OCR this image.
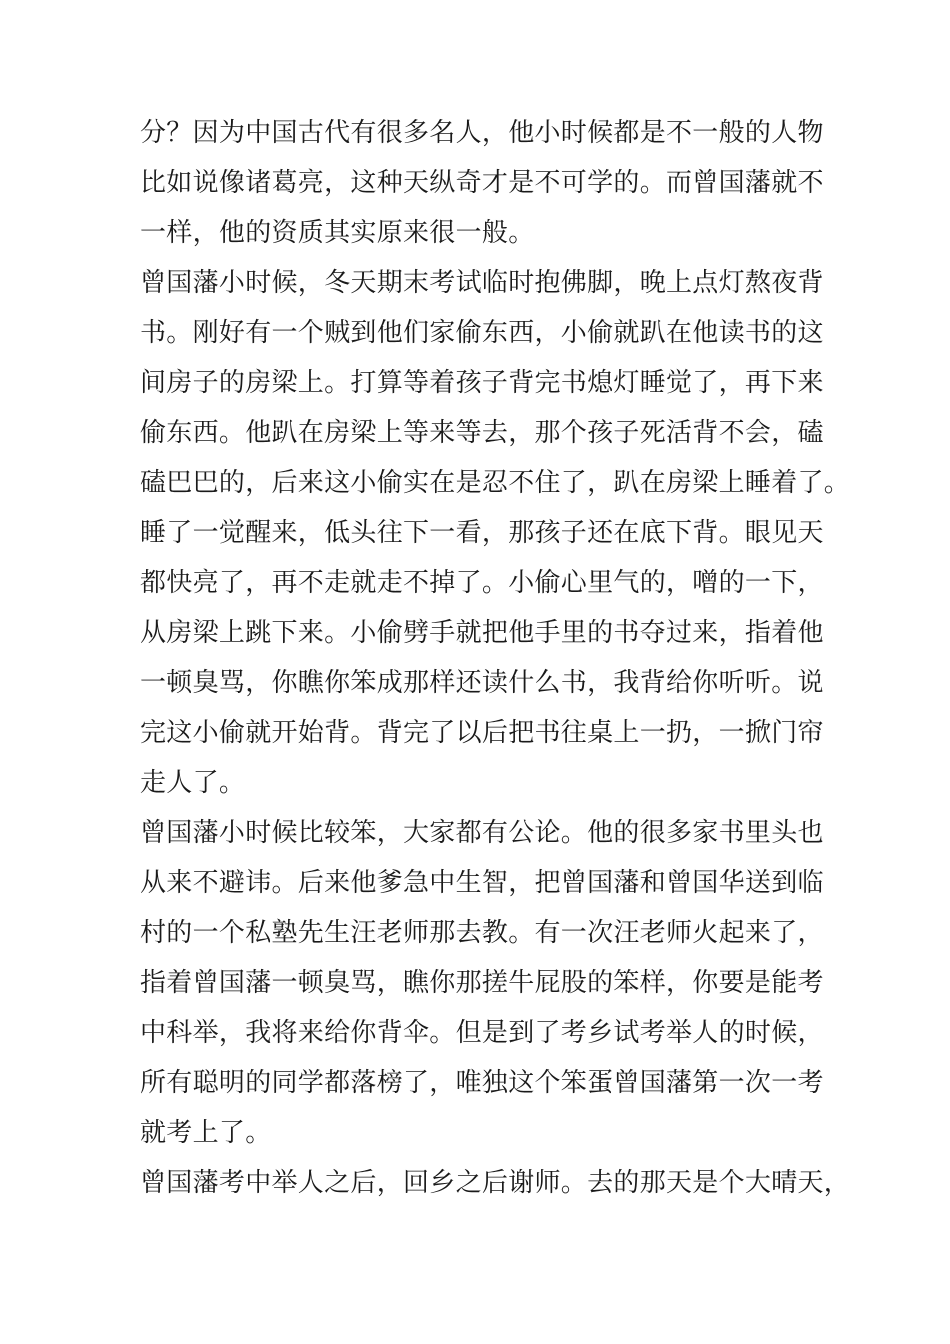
分？因为中国古代有很多名人，他小时候都是不一般的人物
比如说像诸葛亮，这种天纵奇才是不可学的。而曾国藩就不
一样，他的资质其实原来很一般。
曾国藩小时候，冬天期末考试临时抱佛脚，晚上点灯熬夜背
书。刚好有一个贼到他们家偷东西，小偷就趴在他读书的这
间房子的房梁上。打算等着孩子背完书熄灯睡觉了，再下来
偷东西。他趴在房梁上等来等去，那个孩子死活背不会，磕
磕巴巴的，后来这小偷实在是忍不住了，趴在房梁上睡着了。
睡了一觉醒来，低头往下一看，那孩子还在底下背。眼见天
都快亮了，再不走就走不掉了。小偷心里气的，噌的一下，
从房梁上跳下来。小偷劈手就把他手里的书夺过来，指着他
一顿臭骂，你瞧你笨成那样还读什么书，我背给你听听。说
完这小偷就开始背。背完了以后把书往桌上一扔，一掀门帘
走人了。
曾国藩小时候比较笨，大家都有公论。他的很多家书里头也
从来不避讳。后来他爹急中生智，把曾国藩和曾国华送到临
村的一个私塾先生汪老师那去教。有一次汪老师火起来了，
指着曾国藩一顿臭骂，瞧你那搓牛屁股的笨样，你要是能考
中科举，我将来给你背伞。但是到了考乡试考举人的时候，
所有聪明的同学都落榜了，唯独这个笨蛋曾国藩第一次一考
就考上了。
曾国藩考中举人之后，回乡之后谢师。去的那天是个大晴天，
